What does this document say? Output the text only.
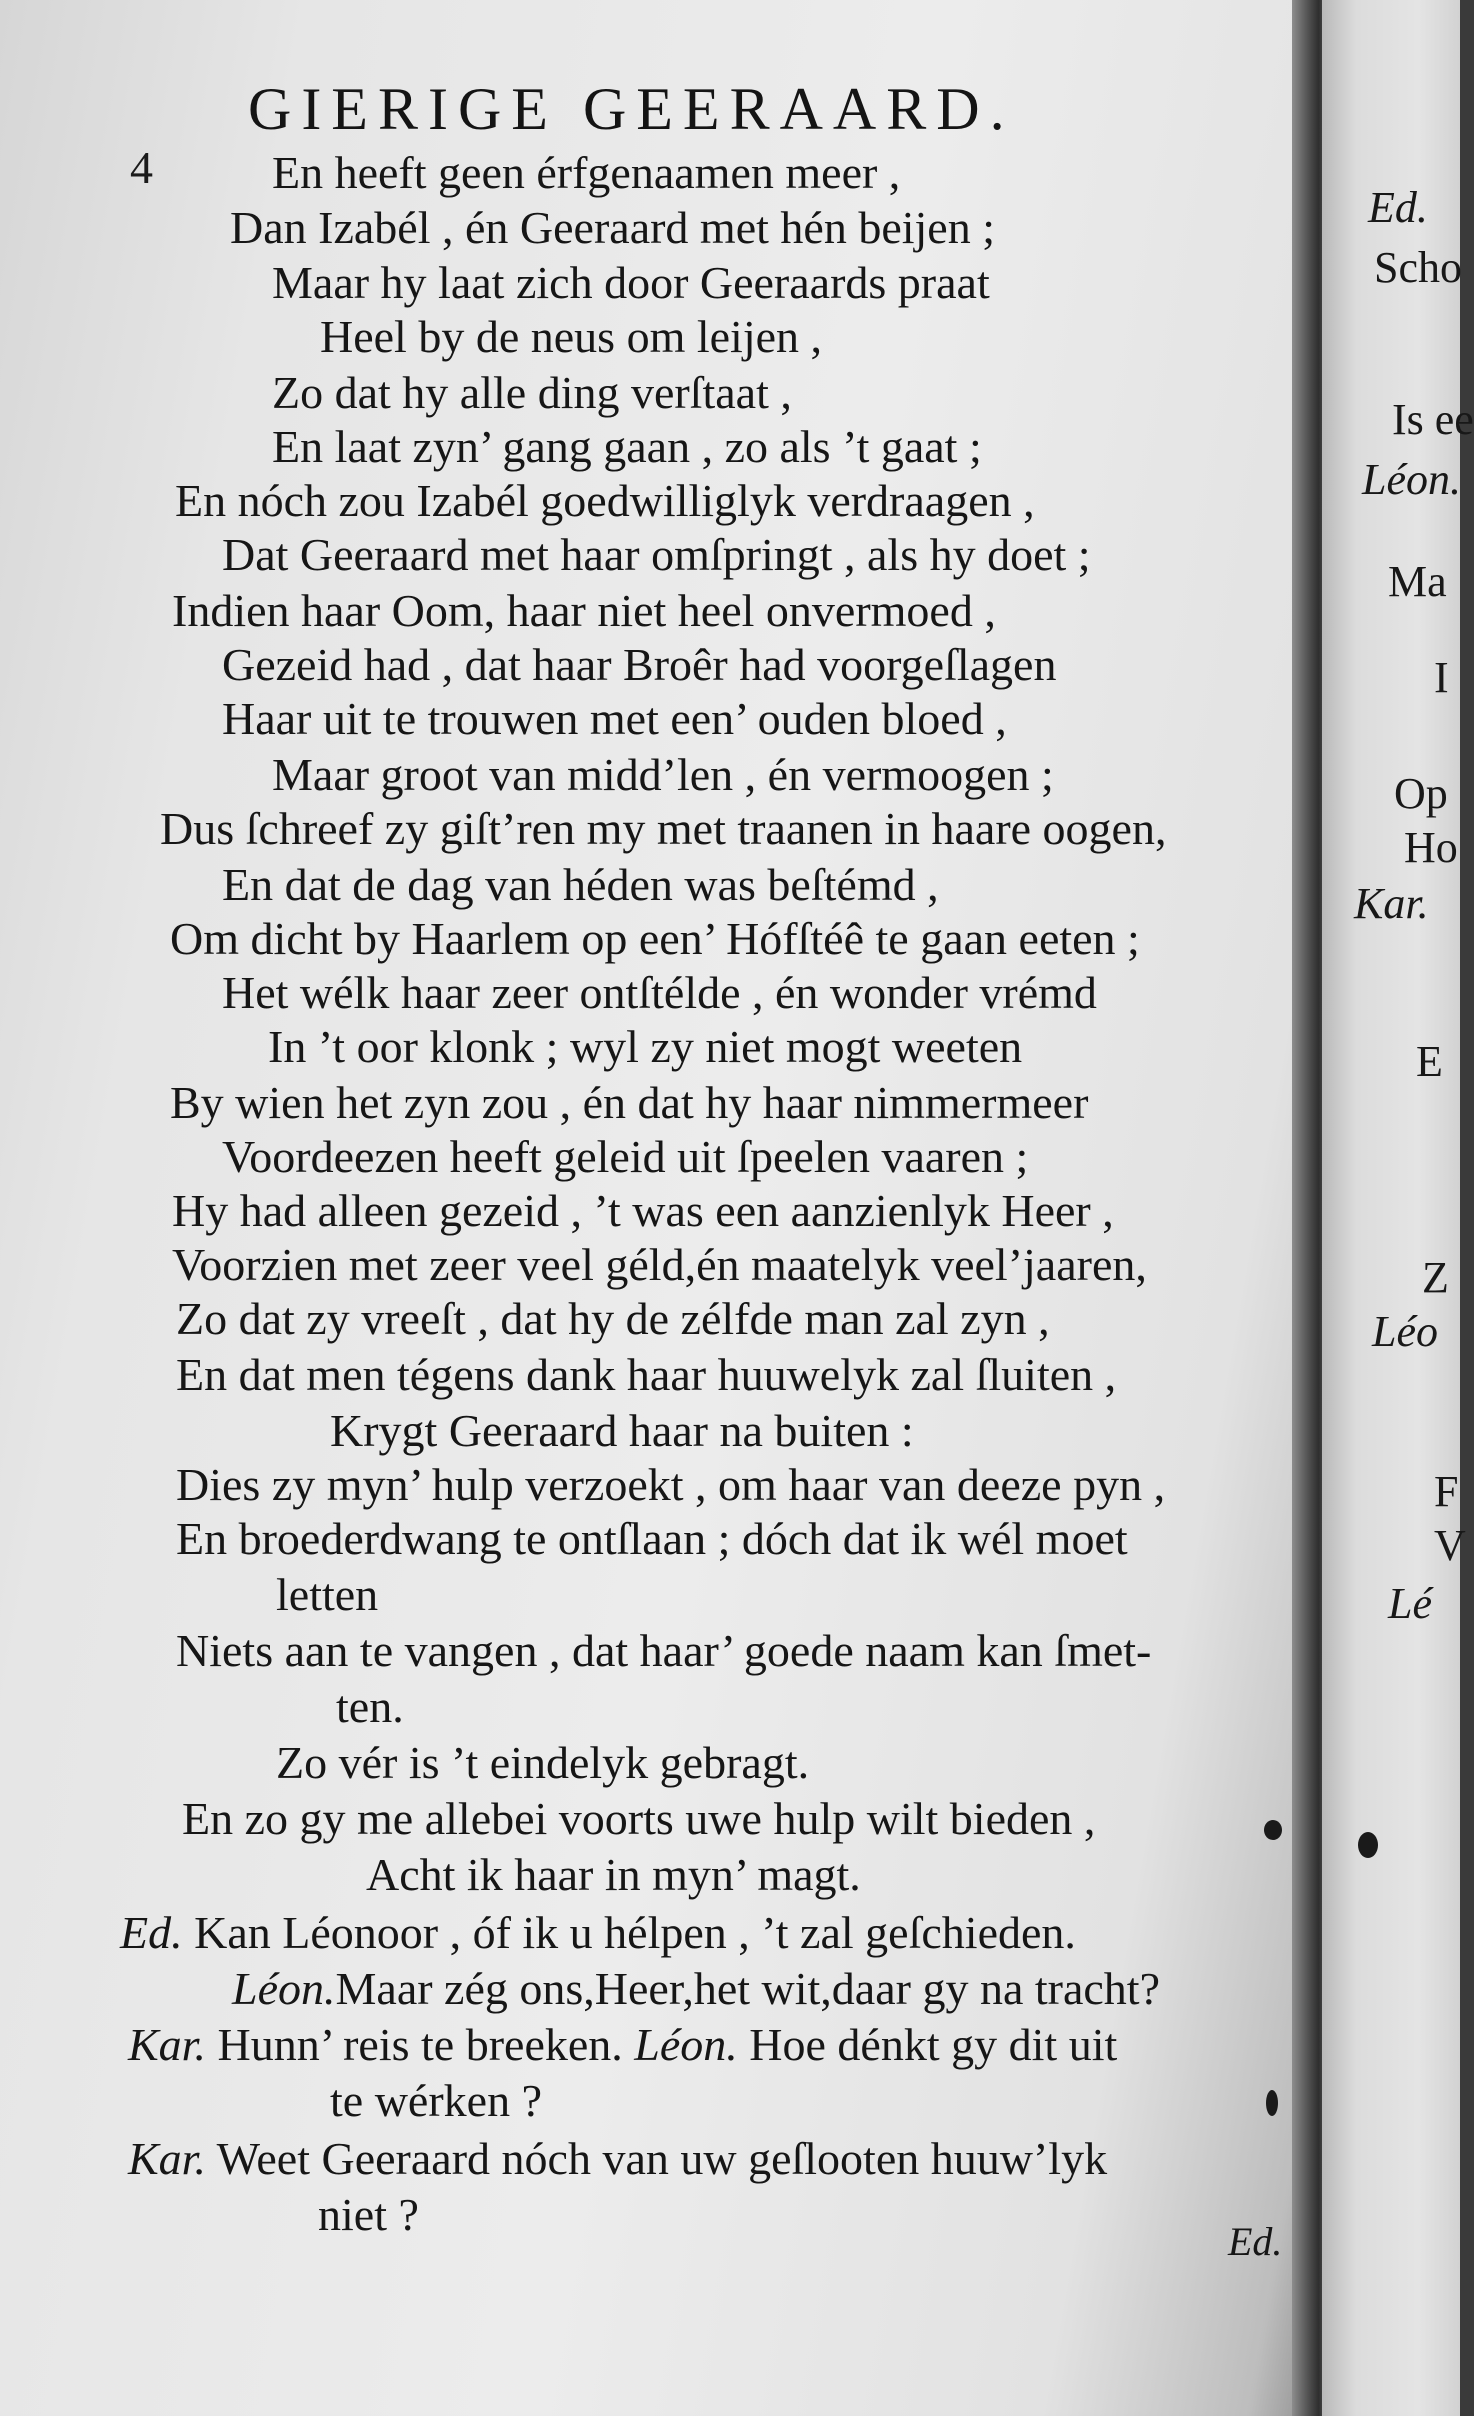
4
GIERIGE GEERAARD.
En heeft geen érfgenaamen meer ,
Dan Izabél , én Geeraard met hén beijen ;
Maar hy laat zich door Geeraards praat
Heel by de neus om leijen ,
Zo dat hy alle ding verſtaat ,
En laat zyn’ gang gaan , zo als ’t gaat ;
En nóch zou Izabél goedwilliglyk verdraagen ,
Dat Geeraard met haar omſpringt , als hy doet ;
Indien haar Oom, haar niet heel onvermoed ,
Gezeid had , dat haar Broêr had voorgeſlagen
Haar uit te trouwen met een’ ouden bloed ,
Maar groot van midd’len , én vermoogen ;
Dus ſchreef zy giſt’ren my met traanen in haare oogen,
En dat de dag van héden was beſtémd ,
Om dicht by Haarlem op een’ Hófſtéê te gaan eeten ;
Het wélk haar zeer ontſtélde , én wonder vrémd
In ’t oor klonk ; wyl zy niet mogt weeten
By wien het zyn zou , én dat hy haar nimmermeer
Voordeezen heeft geleid uit ſpeelen vaaren ;
Hy had alleen gezeid , ’t was een aanzienlyk Heer ,
Voorzien met zeer veel géld,én maatelyk veel’jaaren,
Zo dat zy vreeſt , dat hy de zélfde man zal zyn ,
En dat men tégens dank haar huuwelyk zal ſluiten ,
Krygt Geeraard haar na buiten :
Dies zy myn’ hulp verzoekt , om haar van deeze pyn ,
En broederdwang te ontſlaan ; dóch dat ik wél moet
letten
Niets aan te vangen , dat haar’ goede naam kan ſmet-
ten.
Zo vér is ’t eindelyk gebragt.
En zo gy me allebei voorts uwe hulp wilt bieden ,
Acht ik haar in myn’ magt.
Ed. Kan Léonoor , óf ik u hélpen , ’t zal geſchieden.
Léon.Maar zég ons,Heer,het wit,daar gy na tracht?
Kar. Hunn’ reis te breeken. Léon. Hoe dénkt gy dit uit
te wérken ?
Kar. Weet Geeraard nóch van uw geſlooten huuw’lyk
niet ?
Ed.
Ed.
Scho
Is ee
Léon.
Ma
I
Op
Ho
Kar.
E
Z
Léo
F
V
Lé
